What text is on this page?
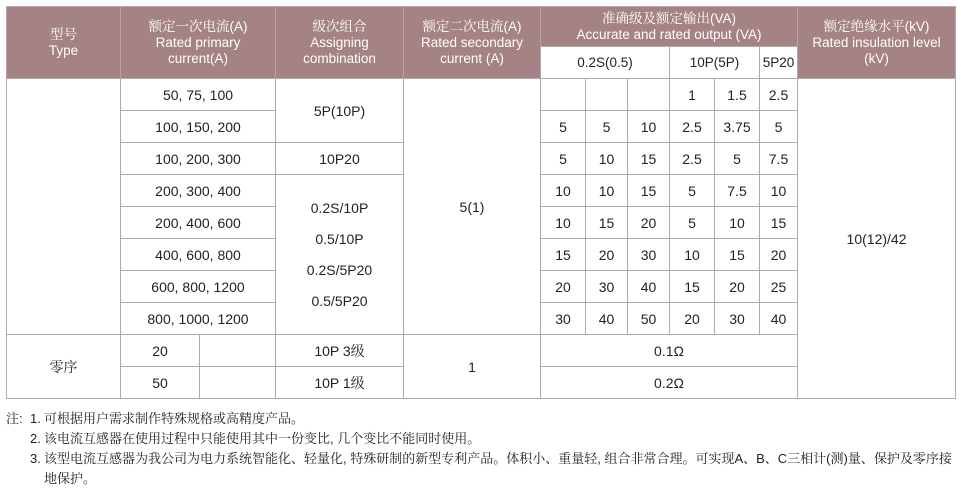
型号
Type	额定一次电流(A)
Rated primary
current(A)		级次组合
Assigning
combination	额定二次电流(A)
Rated secondary
current (A)	准确级及额定输出(VA)
Accurate and rated output (VA)						额定绝缘水平(kV)
Rated insulation level
(kV)

					0.2S(0.5)			10P(5P)		5P20	
	50, 75, 100		5P(10P)	5(1)				1	1.5	2.5	10(12)/42
	100, 150, 200				5	5	10	2.5	3.75	5	
	100, 200, 300		10P20		5	10	15	2.5	5	7.5	
	200, 300, 400		0.2S/10P
0.5/10P
0.2S/5P20
0.5/5P20		10	10	15	5	7.5	10	
	200, 400, 600				10	15	20	5	10	15	
	400, 600, 800				15	20	30	10	15	20	
	600, 800, 1200				20	30	40	15	20	25	
	800, 1000, 1200				30	40	50	20	30	40	
零序	20		10P 3级	1	0.1Ω						
	50		10P 1级		0.2Ω						
注: 1. 可根据用户需求制作特殊规格或高精度产品。
2. 该电流互感器在使用过程中只能使用其中一份变比, 几个变比不能同时使用。
3. 该型电流互感器为我公司为电力系统智能化、轻量化, 特殊研制的新型专利产品。体积小、重量轻, 组合非常合理。可实现A、B、C三相计(测)量、保护及零序接地保护。
